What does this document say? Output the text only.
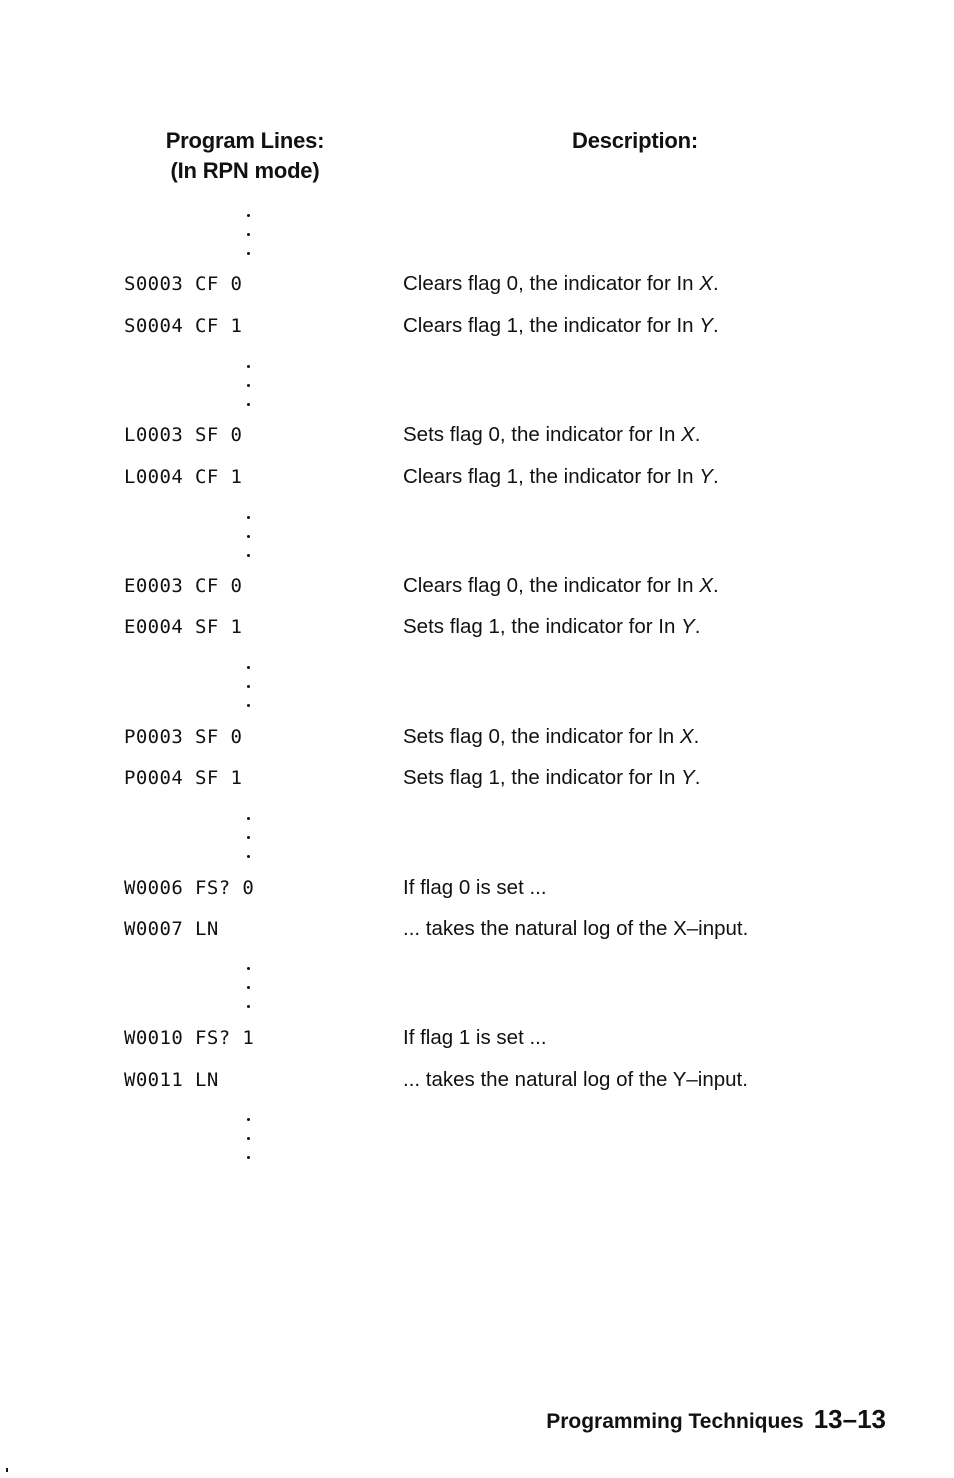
Program Lines:
(In RPN mode)
Description:
S0003 CF 0	Clears flag 0, the indicator for In X.
S0004 CF 1	Clears flag 1, the indicator for In Y.
L0003 SF 0	Sets flag 0, the indicator for In X.
L0004 CF 1	Clears flag 1, the indicator for In Y.
E0003 CF 0	Clears flag 0, the indicator for In X.
E0004 SF 1	Sets flag 1, the indicator for In Y.
P0003 SF 0	Sets flag 0, the indicator for ln X.
P0004 SF 1	Sets flag 1, the indicator for In Y.
W0006 FS? 0	If flag 0 is set ...
W0007 LN	... takes the natural log of the X–input.
W0010 FS? 1	If flag 1 is set ...
W0011 LN	... takes the natural log of the Y–input.
Programming Techniques 13–13
